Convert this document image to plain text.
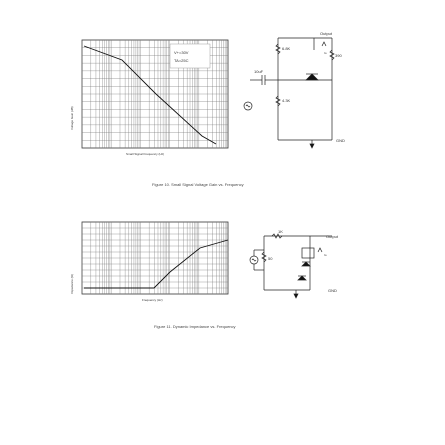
V+=30V
TA=25C
Voltage Gain (dB)
Small Signal Frequency (Hz)
Output
6.8K
4.3K
390
10uF
Io
GND
Figure 10. Small Signal Voltage Gain vs. Frequency
Impedance (Ω)
Frequency (Hz)
Output
1K
50
Io
GND
Figure 11. Dynamic Impedance vs. Frequency
